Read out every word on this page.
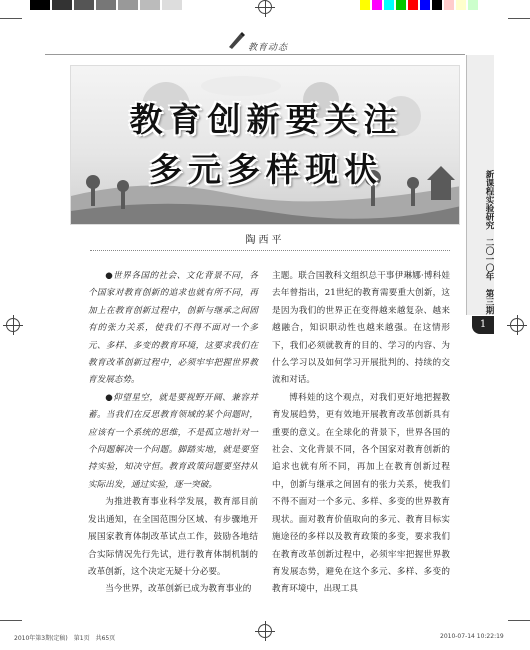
教育动态
教育创新要关注
多元多样现状
陶西平	新课程实验研究　二〇一〇年　第三期
1

●世界各国的社会、文化背景不同，各个国家对教育创新的追求也就有所不同，再加上在教育创新过程中，创新与继承之间固有的张力关系，使我们不得不面对一个多元、多样、多变的教育环境，这要求我们在教育改革创新过程中，必须牢牢把握世界教育发展态势。

●仰望星空，就是要视野开阔、兼容并蓄。当我们在反思教育领域的某个问题时，应该有一个系统的思维，不是孤立地针对一个问题解决一个问题。脚踏实地，就是要坚持实验，知决守恒。教育政策问题要坚持从实际出发，通过实验，逐一突破。

为推进教育事业科学发展，教育部目前发出通知，在全国范围分区域、有步骤地开展国家教育体制改革试点工作，鼓励各地结合实际情况先行先试，进行教育体制机制的改革创新，这个决定无疑十分必要。

当今世界，改革创新已成为教育事业的

主题。联合国教科文组织总干事伊琳娜·博科娃去年曾指出，21世纪的教育需要重大创新，这是因为我们的世界正在变得越来越复杂、越来越融合，知识职动性也越来越强。在这情形下，我们必须就教育的目的、学习的内容、为什么学习以及如何学习开展批判的、持续的交流和对话。

博科娃的这个观点，对我们更好地把握教育发展趋势，更有效地开展教育改革创新具有重要的意义。在全球化的背景下，世界各国的社会、文化背景不同，各个国家对教育创新的追求也就有所不同，再加上在教育创新过程中，创新与继承之间固有的张力关系，使我们不得不面对一个多元、多样、多变的世界教育现状。面对教育价值取向的多元、教育目标实施途径的多样以及教育政策的多变，要求我们在教育改革创新过程中，必须牢牢把握世界教育发展态势，避免在这个多元、多样、多变的教育环境中，出现工具

2010年第3期(定稿)　第1页　共65页	2010-07-14 10:22:19
